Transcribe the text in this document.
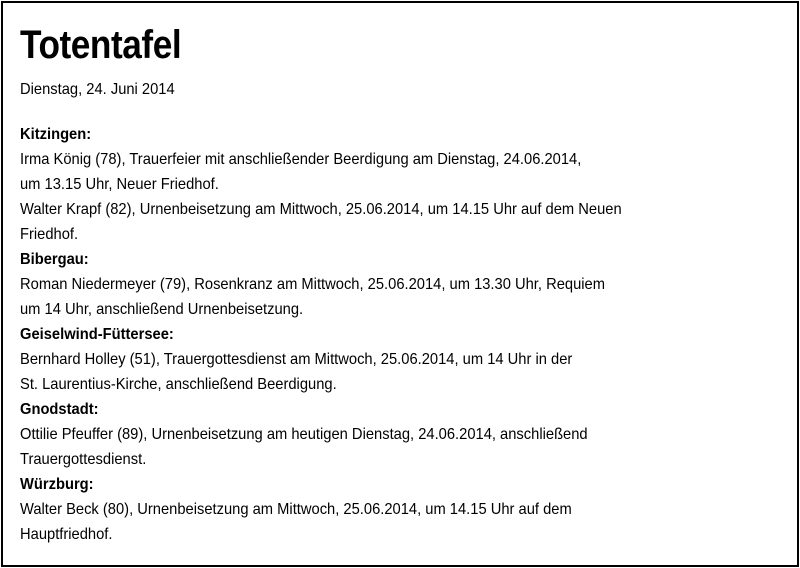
Totentafel
Dienstag, 24. Juni 2014
Kitzingen:
Irma König (78), Trauerfeier mit anschließender Beerdigung am Dienstag, 24.06.2014,
um 13.15 Uhr, Neuer Friedhof.
Walter Krapf (82), Urnenbeisetzung am Mittwoch, 25.06.2014, um 14.15 Uhr auf dem Neuen
Friedhof.
Bibergau:
Roman Niedermeyer (79), Rosenkranz am Mittwoch, 25.06.2014, um 13.30 Uhr, Requiem
um 14 Uhr, anschließend Urnenbeisetzung.
Geiselwind-Füttersee:
Bernhard Holley (51), Trauergottesdienst am Mittwoch, 25.06.2014, um 14 Uhr in der
St. Laurentius-Kirche, anschließend Beerdigung.
Gnodstadt:
Ottilie Pfeuffer (89), Urnenbeisetzung am heutigen Dienstag, 24.06.2014, anschließend
Trauergottesdienst.
Würzburg:
Walter Beck (80), Urnenbeisetzung am Mittwoch, 25.06.2014, um 14.15 Uhr auf dem
Hauptfriedhof.
